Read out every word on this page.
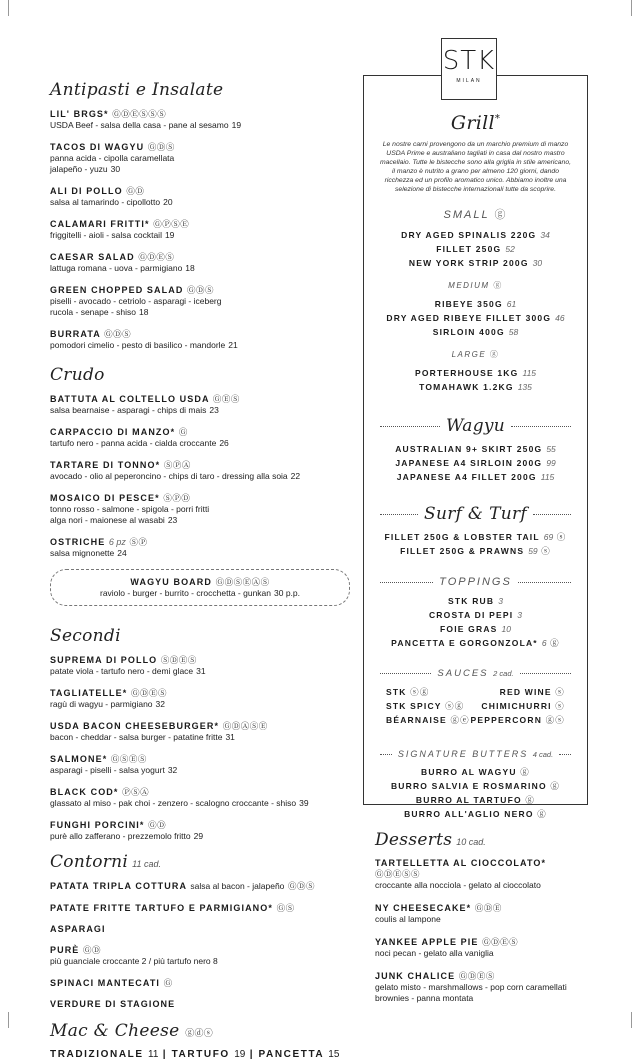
Antipasti e Insalate
LIL' BRGS* ⒼⒹⒺⓈⓈⓈ
USDA Beef - salsa della casa - pane al sesamo 19
TACOS DI WAGYU ⒼⒹⓈ
panna acida - cipolla caramellata
jalapeño - yuzu 30
ALI DI POLLO ⒼⒹ
salsa al tamarindo - cipollotto 20
CALAMARI FRITTI* ⒼⓅⓈⒺ
friggitelli - aioli - salsa cocktail 19
CAESAR SALAD ⒼⒹⒺⓈ
lattuga romana - uova - parmigiano 18
GREEN CHOPPED SALAD ⒼⒹⓈ
piselli - avocado - cetriolo - asparagi - iceberg
rucola - senape - shiso 18
BURRATA ⒼⒹⓈ
pomodori cimelio - pesto di basilico - mandorle 21
Crudo
BATTUTA AL COLTELLO USDA ⒼⒺⓈ
salsa bearnaise - asparagi - chips di mais 23
CARPACCIO DI MANZO* Ⓖ
tartufo nero - panna acida - cialda croccante 26
TARTARE DI TONNO* ⓈⓅⒶ
avocado - olio al peperoncino - chips di taro - dressing alla soia 22
MOSAICO DI PESCE* ⓈⓅⒹ
tonno rosso - salmone - spigola - porri fritti
alga nori - maionese al wasabi 23
OSTRICHE 6 pz ⓈⓅ
salsa mignonette 24
WAGYU BOARD ⒼⒹⓈⒺⒶⓈ
raviolo - burger - burrito - crocchetta - gunkan 30 p.p.
Secondi
SUPREMA DI POLLO ⓈⒹⒺⓈ
patate viola - tartufo nero - demi glace 31
TAGLIATELLE* ⒼⒹⒺⓈ
ragù di wagyu - parmigiano 32
USDA BACON CHEESEBURGER* ⒼⒹⒶⓈⒺ
bacon - cheddar - salsa burger - patatine fritte 31
SALMONE* ⒼⓈⒺⓈ
asparagi - piselli - salsa yogurt 32
BLACK COD* ⓅⓈⒶ
glassato al miso - pak choi - zenzero - scalogno croccante - shiso 39
FUNGHI PORCINI* ⒼⒹ
purè allo zafferano - prezzemolo fritto 29
Contorni 11 cad.
PATATA TRIPLA COTTURA salsa al bacon - jalapeño ⒼⒹⓈ
PATATE FRITTE TARTUFO E PARMIGIANO* ⒼⓈ
ASPARAGI
PURÈ ⒼⒹ
più guanciale croccante 2 / più tartufo nero 8
SPINACI MANTECATI Ⓖ
VERDURE DI STAGIONE
Mac & Cheese ⓖⓓⓢ
TRADIZIONALE 11 | TARTUFO 19 | PANCETTA 15
Grill*
Le nostre carni provengono da un marchio premium di manzo USDA Prime e australiano tagliati in casa dal nostro mastro macellaio. Tutte le bistecche sono alla griglia in stile americano, il manzo è nutrito a grano per almeno 120 giorni, dando ricchezza ed un profilo aromatico unico. Abbiamo inoltre una selezione di bistecche internazionali tutte da scoprire.
SMALL ⓖ
DRY AGED SPINALIS 220G 34
FILLET 250G 52
NEW YORK STRIP 200G 30
MEDIUM ⓖ
RIBEYE 350G 61
DRY AGED RIBEYE FILLET 300G 46
SIRLOIN 400G 58
LARGE ⓖ
PORTERHOUSE 1KG 115
TOMAHAWK 1.2KG 135
Wagyu
AUSTRALIAN 9+ SKIRT 250G 55
JAPANESE A4 SIRLOIN 200G 99
JAPANESE A4 FILLET 200G 115
Surf & Turf
FILLET 250G & LOBSTER TAIL 69 ⓢ
FILLET 250G & PRAWNS 59 ⓢ
TOPPINGS
STK RUB 3
CROSTA DI PEPI 3
FOIE GRAS 10
PANCETTA E GORGONZOLA* 6 ⓖ
SAUCES 2 cad.
STK ⓢⓖ
STK SPICY ⓢⓖ
BÉARNAISE ⓖⓔ
RED WINE ⓢ
CHIMICHURRI ⓢ
PEPPERCORN ⓖⓢ
SIGNATURE BUTTERS 4 cad.
BURRO AL WAGYU ⓖ
BURRO SALVIA E ROSMARINO ⓖ
BURRO AL TARTUFO ⓖ
BURRO ALL'AGLIO NERO ⓖ
STK
MILAN
Desserts 10 cad.
TARTELLETTA AL CIOCCOLATO* ⒼⒹⒺⓈⓈ
croccante alla nocciola - gelato al cioccolato
NY CHEESECAKE* ⒼⒹⒺ
coulis al lampone
YANKEE APPLE PIE ⒼⒹⒺⓈ
noci pecan - gelato alla vaniglia
JUNK CHALICE ⒼⒹⒺⓈ
gelato misto - marshmallows - pop corn caramellati
brownies - panna montata
